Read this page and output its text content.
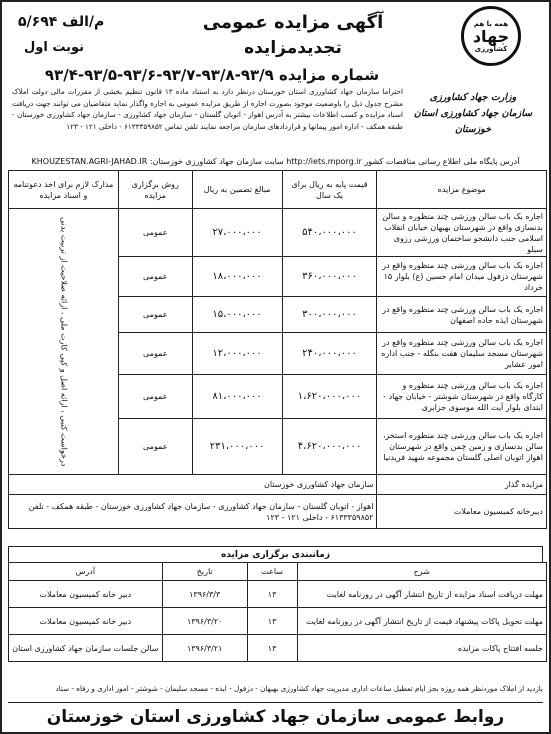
همه با هم
جهاد
کشاورزی
آگهی مزایده عمومی
تجدیدمزایده
۵/۶۹۴ م/الف
نوبت اول
شماره مزایده ۹۳/۹-۹۳/۸-۹۳/۷-۹۳/۶-۹۳/۵-۹۳/۴
وزارت جهاد کشاورزی
سازمان جهاد کشاورزی استان خوزستان
احتراما سازمان جهاد کشاورزی استان خوزستان درنظر دارد به استناد ماده ۱۳ قانون تنظیم بخشی از مقررات مالی دولت املاک مشرح جدول ذیل را باوضعیت موجود بصورت اجاره از طریق مزایده عمومی به اجاره واگذار نماید متقاضیان می توانند جهت دریافت اسناد مزایده و کسب اطلاعات بیشتر به آدرس اهواز - اتوبان گلستان - سازمان جهاد کشاورزی - سازمان جهاد کشاورزی خوزستان - طبقه همکف - اداره امور پیمانها و قراردادهای سازمان مراجعه نمایند تلفن تماس ۶۱۳۳۳۵۹۸۵۲ - داخلی ۱۲۱ - ۱۲۳
آدرس پایگاه ملی اطلاع رسانی مناقصات کشور http://iets.mporg.ir سایت سازمان جهاد کشاورزی خوزستان: KHOUZESTAN.AGRI-JAHAD.IR
موضوع مزایده	قیمت پایه به ریال برای یک سال	مبالغ تضمین به ریال	روش برگزاری مزایده	مدارک لازم برای اخذ دعوتنامه و اسناد مزایده
اجاره یک باب سالن ورزشی چند منظوره و سالن بدنسازی واقع در شهرستان بهبهان خیابان انقلاب اسلامی جنب دانشجو ساختمان ورزشی رزوی سیلو	۵۴۰،۰۰۰،۰۰۰	۲۷،۰۰۰،۰۰۰	عمومی	درخواست کتبی ، ارائه اصل و کپی کارت ملی ، ارائه صلاحیت از تربیت بدنی
اجاره یک باب سالن ورزشی چند منظوره واقع در شهرستان دزفول میدان امام حسین (ع) بلوار ۱۵ خرداد	۳۶۰،۰۰۰،۰۰۰	۱۸،۰۰۰،۰۰۰	عمومی	
اجاره یک باب سالن ورزشی چند منظوره واقع در شهرستان ایذه جاده اصفهان	۳۰۰،۰۰۰،۰۰۰	۱۵،۰۰۰،۰۰۰	عمومی	
اجاره یک باب سالن ورزشی چند منظوره واقع در شهرستان مسجد سلیمان هفت بنگله - جنب اداره امور عشایر	۲۴۰،۰۰۰،۰۰۰	۱۲،۰۰۰،۰۰۰	عمومی	
اجاره یک باب سالن ورزشی چند منظوره و کارگاه واقع در شهرستان شوشتر - خیابان جهاد - ابتدای بلوار آیت الله موسوی جزایری	۱،۶۲۰،۰۰۰،۰۰۰	۸۱،۰۰۰،۰۰۰	عمومی	
اجاره یک باب سالن ورزشی چند منظوره استخر، سالن بدنسازی و زمین چمن واقع در شهرستان اهواز اتوبان اصلی گلستان مجموعه شهید فریدنیا	۴،۶۲۰،۰۰۰،۰۰۰	۲۳۱،۰۰۰،۰۰۰	عمومی	
مزایده گذار	سازمان جهاد کشاورزی خوزستان			
دبیرخانه کمیسیون معاملات	اهواز - اتوبان گلستان - سازمان جهاد کشاورزی - سازمان جهاد کشاورزی خوزستان - طبقه همکف - تلفن ۶۱۳۳۳۵۹۸۵۲ - داخلی ۱۲۱ - ۱۲۳			
زمانبندی برگزاری مزایده
شرح	ساعت	تاریخ	آدرس
مهلت دریافت اسناد مزایده از تاریخ انتشار آگهی در روزنامه لغایت	۱۳	۱۳۹۶/۳/۳	دبیر خانه کمیسیون معاملات
مهلت تحویل پاکات پیشنهاد قیمت از تاریخ انتشار آگهی در روزنامه لغایت	۱۳	۱۳۹۶/۳/۲۰	دبیر خانه کمیسیون معاملات
جلسه افتتاح پاکات مزایده	۱۳	۱۳۹۶/۳/۲۱	سالن جلسات سازمان جهاد کشاورزی استان
بازدید از املاک موردنظر همه روزه بجز ایام تعطیل ساعات اداری مدیریت جهاد کشاورزی بهبهان - دزفول - ایذه - مسجد سلیمان - شوشتر - امور اداری و رفاه - ستاد
روابط عمومی سازمان جهاد کشاورزی استان خوزستان
